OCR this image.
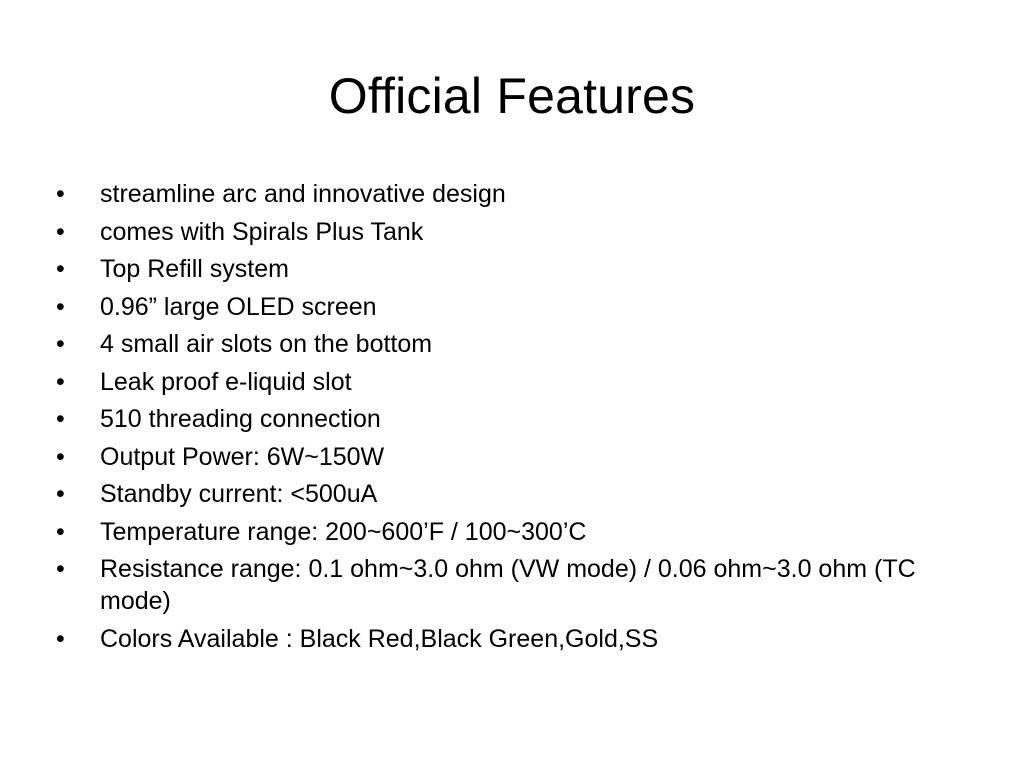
Official Features
•	streamline arc and innovative design
•	comes with Spirals Plus Tank
•	Top Refill system
•	0.96” large OLED screen
•	4 small air slots on the bottom
•	Leak proof e-liquid slot
•	510 threading connection
•	Output Power: 6W~150W
•	Standby current: <500uA
•	Temperature range: 200~600’F / 100~300’C
•	Resistance range: 0.1 ohm~3.0 ohm (VW mode) / 0.06 ohm~3.0 ohm (TC mode)
•	Colors Available : Black Red,Black Green,Gold,SS
